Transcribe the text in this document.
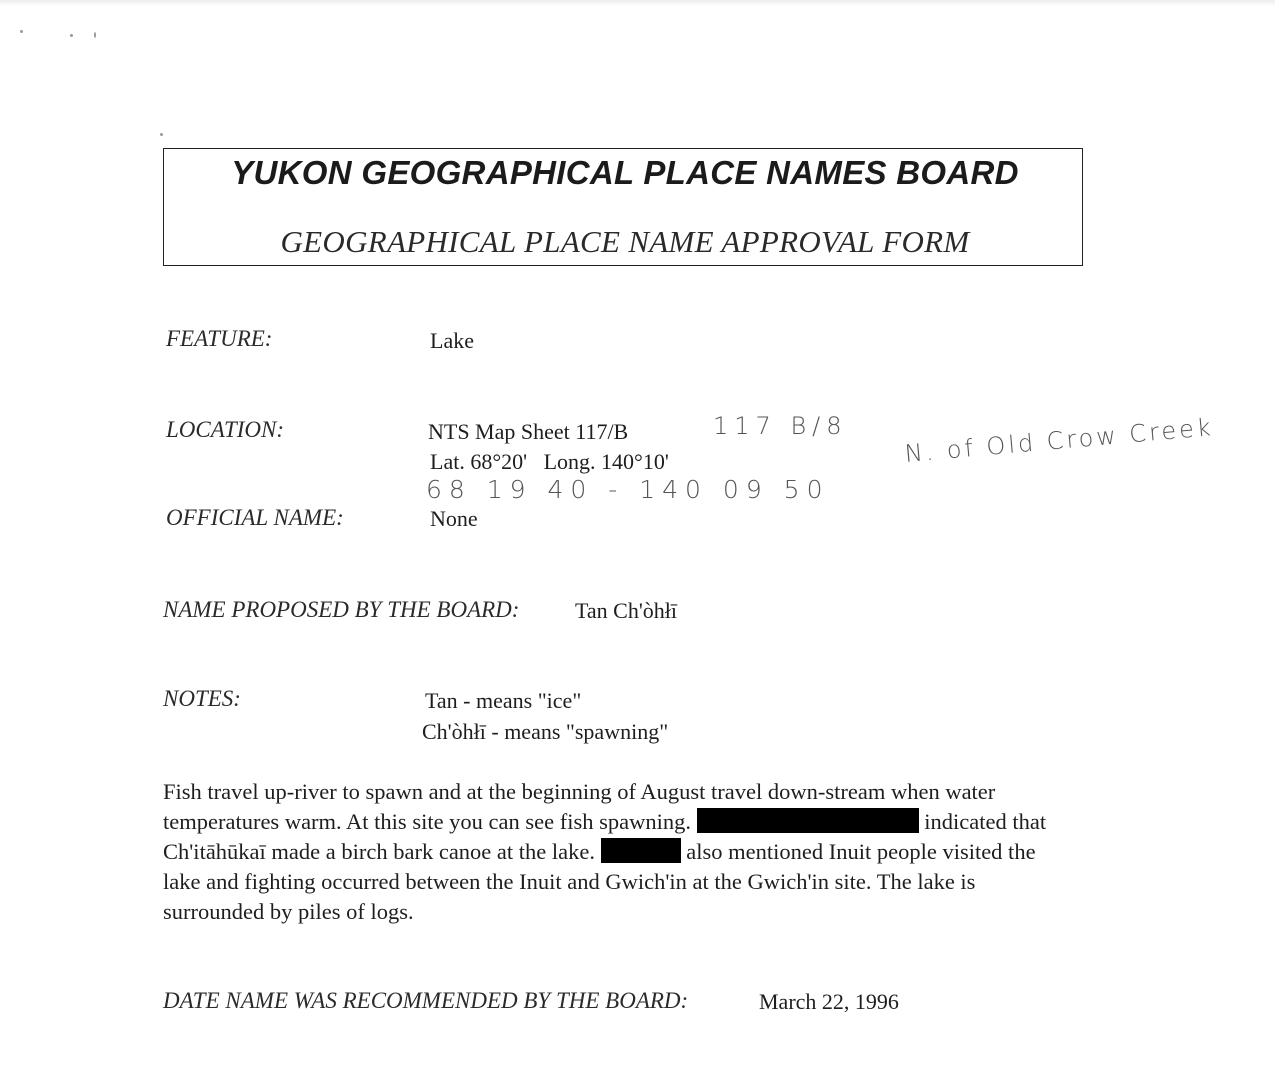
YUKON GEOGRAPHICAL PLACE NAMES BOARD
GEOGRAPHICAL PLACE NAME APPROVAL FORM
FEATURE:	Lake
LOCATION:	NTS Map Sheet 117/B
Lat. 68°20'   Long. 140°10'
117 B/8
68 19 40 - 140 09 50
N. of Old Crow Creek
OFFICIAL NAME:	None
NAME PROPOSED BY THE BOARD:	Tan Ch'òhłī
NOTES:	Tan - means "ice"
Ch'òhłī - means "spawning"
Fish travel up-river to spawn and at the beginning of August travel down-stream when water temperatures warm. At this site you can see fish spawning.	indicated that Ch'itāhūkaī made a birch bark canoe at the lake.	also mentioned Inuit people visited the lake and fighting occurred between the Inuit and Gwich'in at the Gwich'in site. The lake is surrounded by piles of logs.
DATE NAME WAS RECOMMENDED BY THE BOARD:	March 22, 1996
